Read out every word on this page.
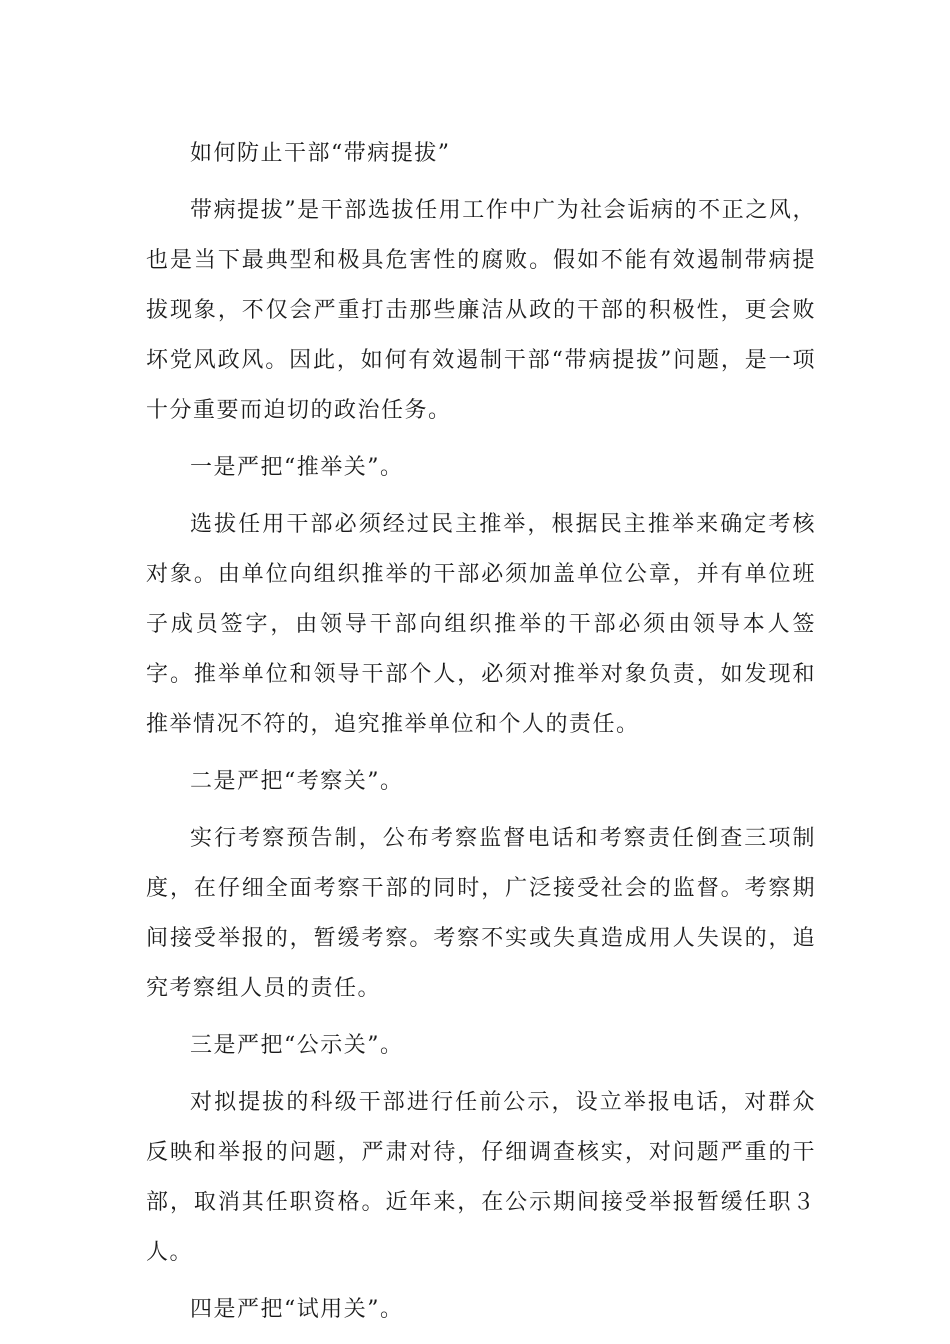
如何防止干部“带病提拔”

带病提拔”是干部选拔任用工作中广为社会诟病的不正之风，也是当下最典型和极具危害性的腐败。假如不能有效遏制带病提拔现象，不仅会严重打击那些廉洁从政的干部的积极性，更会败坏党风政风。因此，如何有效遏制干部“带病提拔”问题，是一项十分重要而迫切的政治任务。

一是严把“推举关”。

选拔任用干部必须经过民主推举，根据民主推举来确定考核对象。由单位向组织推举的干部必须加盖单位公章，并有单位班子成员签字，由领导干部向组织推举的干部必须由领导本人签字。推举单位和领导干部个人，必须对推举对象负责，如发现和推举情况不符的，追究推举单位和个人的责任。

二是严把“考察关”。

实行考察预告制，公布考察监督电话和考察责任倒查三项制度，在仔细全面考察干部的同时，广泛接受社会的监督。考察期间接受举报的，暂缓考察。考察不实或失真造成用人失误的，追究考察组人员的责任。

三是严把“公示关”。

对拟提拔的科级干部进行任前公示，设立举报电话，对群众反映和举报的问题，严肃对待，仔细调查核实，对问题严重的干部，取消其任职资格。近年来，在公示期间接受举报暂缓任职３人。

四是严把“试用关”。
